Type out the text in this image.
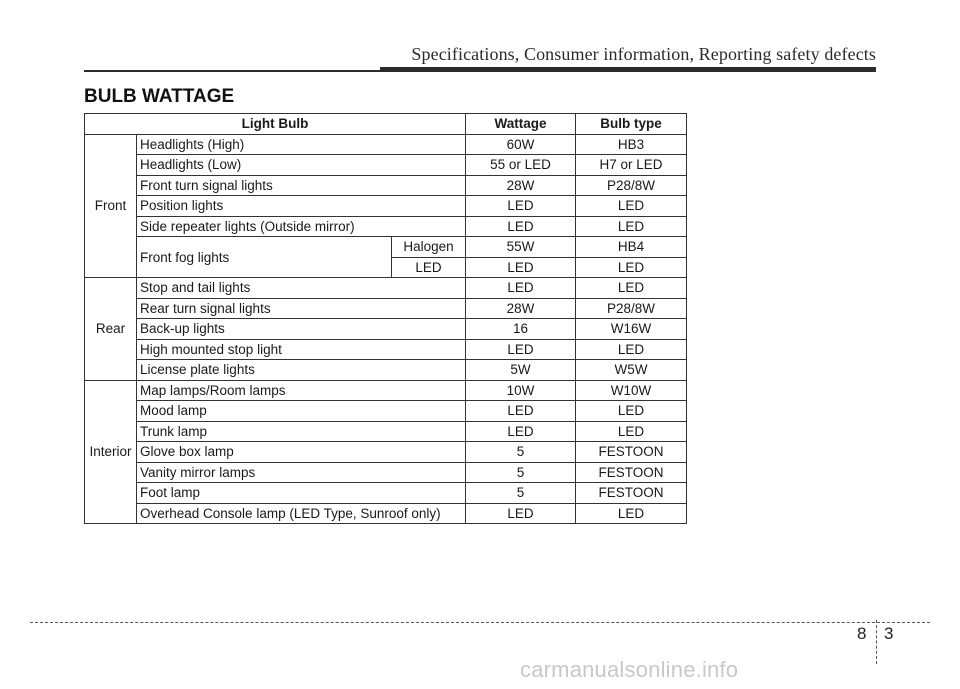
Specifications, Consumer information, Reporting safety defects
BULB WATTAGE
Light Bulb			Wattage	Bulb type
Front	Headlights (High)		60W	HB3
	Headlights (Low)		55 or LED	H7 or LED
	Front turn signal lights		28W	P28/8W
	Position lights		LED	LED
	Side repeater lights (Outside mirror)		LED	LED
	Front fog lights	Halogen	55W	HB4
		LED	LED	LED
Rear	Stop and tail lights		LED	LED
	Rear turn signal lights		28W	P28/8W
	Back-up lights		16	W16W
	High mounted stop light		LED	LED
	License plate lights		5W	W5W
Interior	Map lamps/Room lamps		10W	W10W
	Mood lamp		LED	LED
	Trunk lamp		LED	LED
	Glove box lamp		5	FESTOON
	Vanity mirror lamps		5	FESTOON
	Foot lamp		5	FESTOON
	Overhead Console lamp (LED Type, Sunroof only)		LED	LED
8 3
carmanualsonline.info
